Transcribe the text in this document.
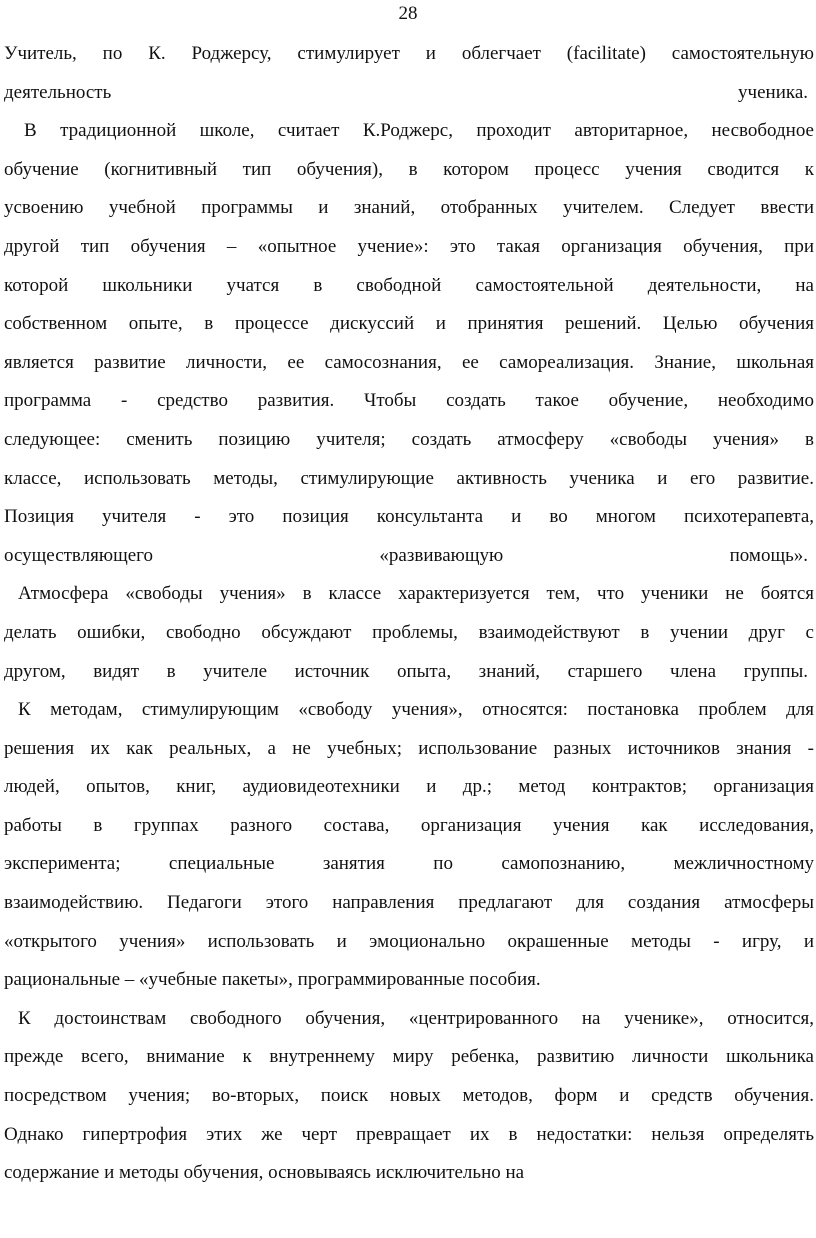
28
Учитель, по К. Роджерсу, стимулирует и облегчает (facilitate) самостоятельную
деятельность	ученика.
В традиционной школе, считает К.Роджерс, проходит авторитарное, несвободное
обучение (когнитивный тип обучения), в котором процесс учения сводится к
усвоению учебной программы и знаний, отобранных учителем. Следует ввести
другой тип обучения – «опытное учение»: это такая организация обучения, при
которой школьники учатся в свободной самостоятельной деятельности, на
собственном опыте, в процессе дискуссий и принятия решений. Целью обучения
является развитие личности, ее самосознания, ее самореализация. Знание, школьная
программа - средство развития. Чтобы создать такое обучение, необходимо
следующее: сменить позицию учителя; создать атмосферу «свободы учения» в
классе, использовать методы, стимулирующие активность ученика и его развитие.
Позиция учителя - это позиция консультанта и во многом психотерапевта,
осуществляющего	«развивающую	помощь».
Атмосфера «свободы учения» в классе характеризуется тем, что ученики не боятся
делать ошибки, свободно обсуждают проблемы, взаимодействуют в учении друг с
другом, видят в учителе источник опыта, знаний, старшего члена группы.
К методам, стимулирующим «свободу учения», относятся: постановка проблем для
решения их как реальных, а не учебных; использование разных источников знания -
людей, опытов, книг, аудиовидеотехники и др.; метод контрактов; организация
работы в группах разного состава, организация учения как исследования,
эксперимента; специальные занятия по самопознанию, межличностному
взаимодействию. Педагоги этого направления предлагают для создания атмосферы
«открытого учения» использовать и эмоционально окрашенные методы - игру, и
рациональные – «учебные пакеты», программированные пособия.
К достоинствам свободного обучения, «центрированного на ученике», относится,
прежде всего, внимание к внутреннему миру ребенка, развитию личности школьника
посредством учения; во-вторых, поиск новых методов, форм и средств обучения.
Однако гипертрофия этих же черт превращает их в недостатки: нельзя определять
содержание и методы обучения, основываясь исключительно на
